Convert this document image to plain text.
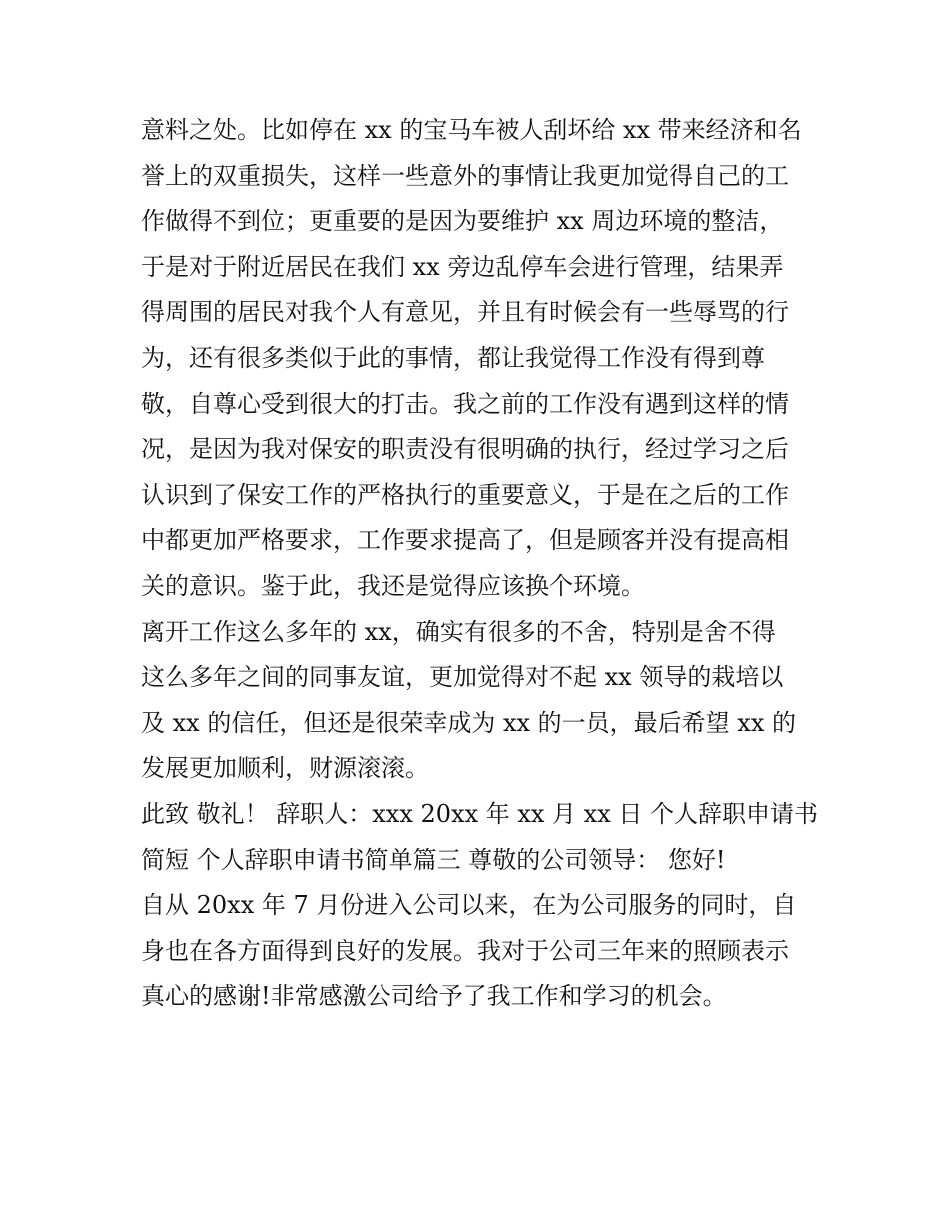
意料之处。比如停在 xx 的宝马车被人刮坏给 xx 带来经济和名
誉上的双重损失，这样一些意外的事情让我更加觉得自己的工
作做得不到位；更重要的是因为要维护 xx 周边环境的整洁，
于是对于附近居民在我们 xx 旁边乱停车会进行管理，结果弄
得周围的居民对我个人有意见，并且有时候会有一些辱骂的行
为，还有很多类似于此的事情，都让我觉得工作没有得到尊
敬，自尊心受到很大的打击。我之前的工作没有遇到这样的情
况，是因为我对保安的职责没有很明确的执行，经过学习之后
认识到了保安工作的严格执行的重要意义，于是在之后的工作
中都更加严格要求，工作要求提高了，但是顾客并没有提高相
关的意识。鉴于此，我还是觉得应该换个环境。
离开工作这么多年的 xx，确实有很多的不舍，特别是舍不得
这么多年之间的同事友谊，更加觉得对不起 xx 领导的栽培以
及 xx 的信任，但还是很荣幸成为 xx 的一员，最后希望 xx 的
发展更加顺利，财源滚滚。
此致 敬礼！ 辞职人：xxx 20xx 年 xx 月 xx 日 个人辞职申请书
简短 个人辞职申请书简单篇三 尊敬的公司领导： 您好!
自从 20xx 年 7 月份进入公司以来，在为公司服务的同时，自
身也在各方面得到良好的发展。我对于公司三年来的照顾表示
真心的感谢!非常感激公司给予了我工作和学习的机会。
